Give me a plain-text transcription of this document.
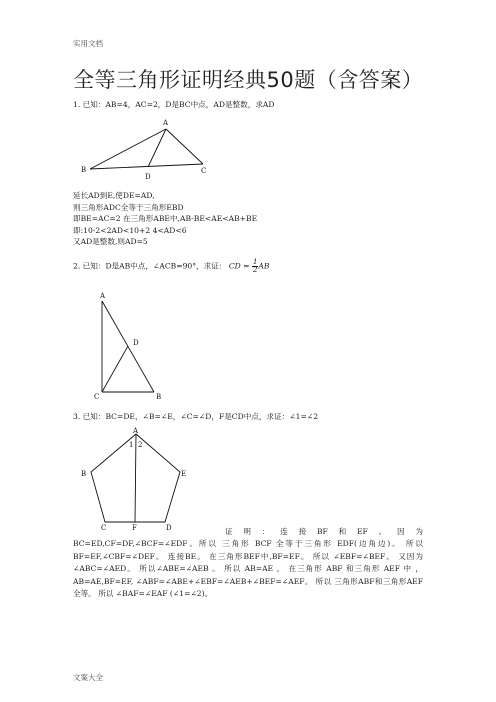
实用文档
全等三角形证明经典50题（含答案）
1. 已知：AB=4，AC=2，D是BC中点，AD是整数，求AD
A
B	C
D
延长AD到E,使DE=AD,
则三角形ADC全等于三角形EBD
即BE=AC=2 在三角形ABE中,AB-BE<AE<AB+BE
即:10-2<2AD<10+2 4<AD<6
又AD是整数,则AD=5
2. 已知：D是AB中点，∠ACB=90°，求证： CD = $\frac{1}{2}$ AB
A
D
C	B
3. 已知：BC=DE，∠B=∠E，∠C=∠D，F是CD中点，求证：∠1=∠2
A
1 2
B	E
C	F	D	证明：连接BF和EF。因为 BC=ED,CF=DF,∠BCF=∠EDF。所以 三角形 BCF 全等于三角形 EDF(边角边)。 所以 BF=EF,∠CBF=∠DEF。 连接BE。 在三角形BEF中,BF=EF。 所以 ∠EBF=∠BEF。 又因为 ∠ABC=∠AED。 所以∠ABE=∠AEB 。 所以 AB=AE 。 在三角形 ABF 和三角形 AEF 中 ，AB=AE,BF=EF, ∠ABF=∠ABE+∠EBF=∠AEB+∠BEF=∠AEF。 所以 三角形ABF和三角形AEF全等。 所以 ∠BAF=∠EAF (∠1=∠2)。
文案大全
